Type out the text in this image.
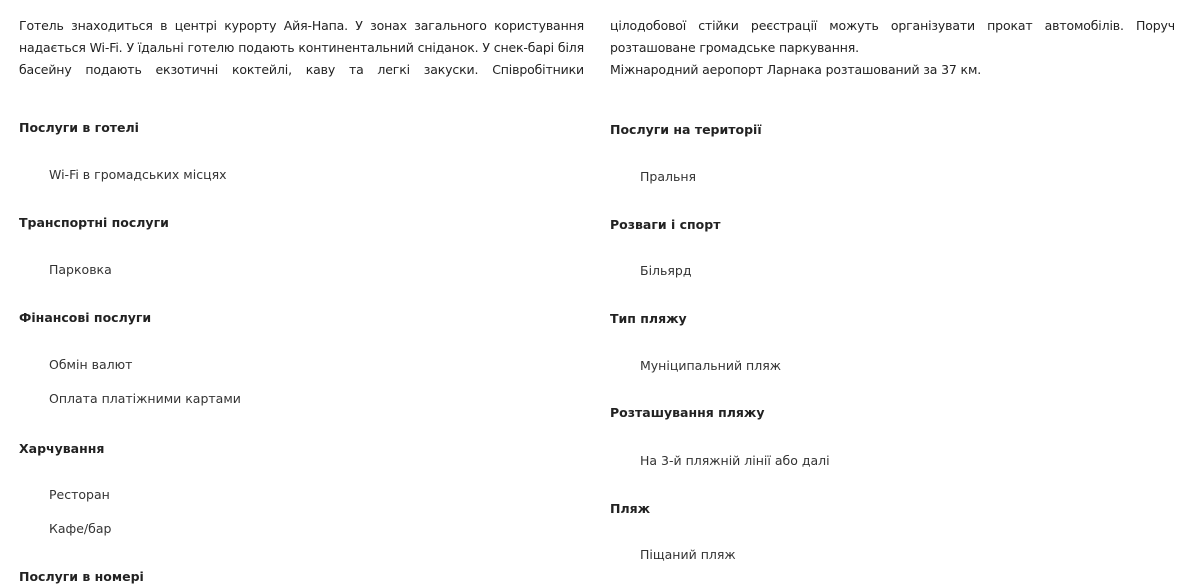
Готель знаходиться в центрі курорту Айя-Напа. У зонах загального користування надається Wi-Fi. У їдальні готелю подають континентальний сніданок. У снек-барі біля басейну подають екзотичні коктейлі, каву та легкі закуски. Співробітники

Послуги в готелі

Wi-Fi в громадських місцях

Транспортні послуги

Парковка

Фінансові послуги

Обмін валют

Оплата платіжними картами

Харчування

Ресторан

Кафе/бар

Послуги в номері

цілодобової стійки реєстрації можуть організувати прокат автомобілів. Поруч
розташоване громадське паркування.
Міжнародний аеропорт Ларнака розташований за 37 км.

Послуги на території

Пральня

Розваги і спорт

Більярд

Тип пляжу

Муніципальний пляж

Розташування пляжу

На 3-й пляжній лінії або далі

Пляж

Піщаний пляж
